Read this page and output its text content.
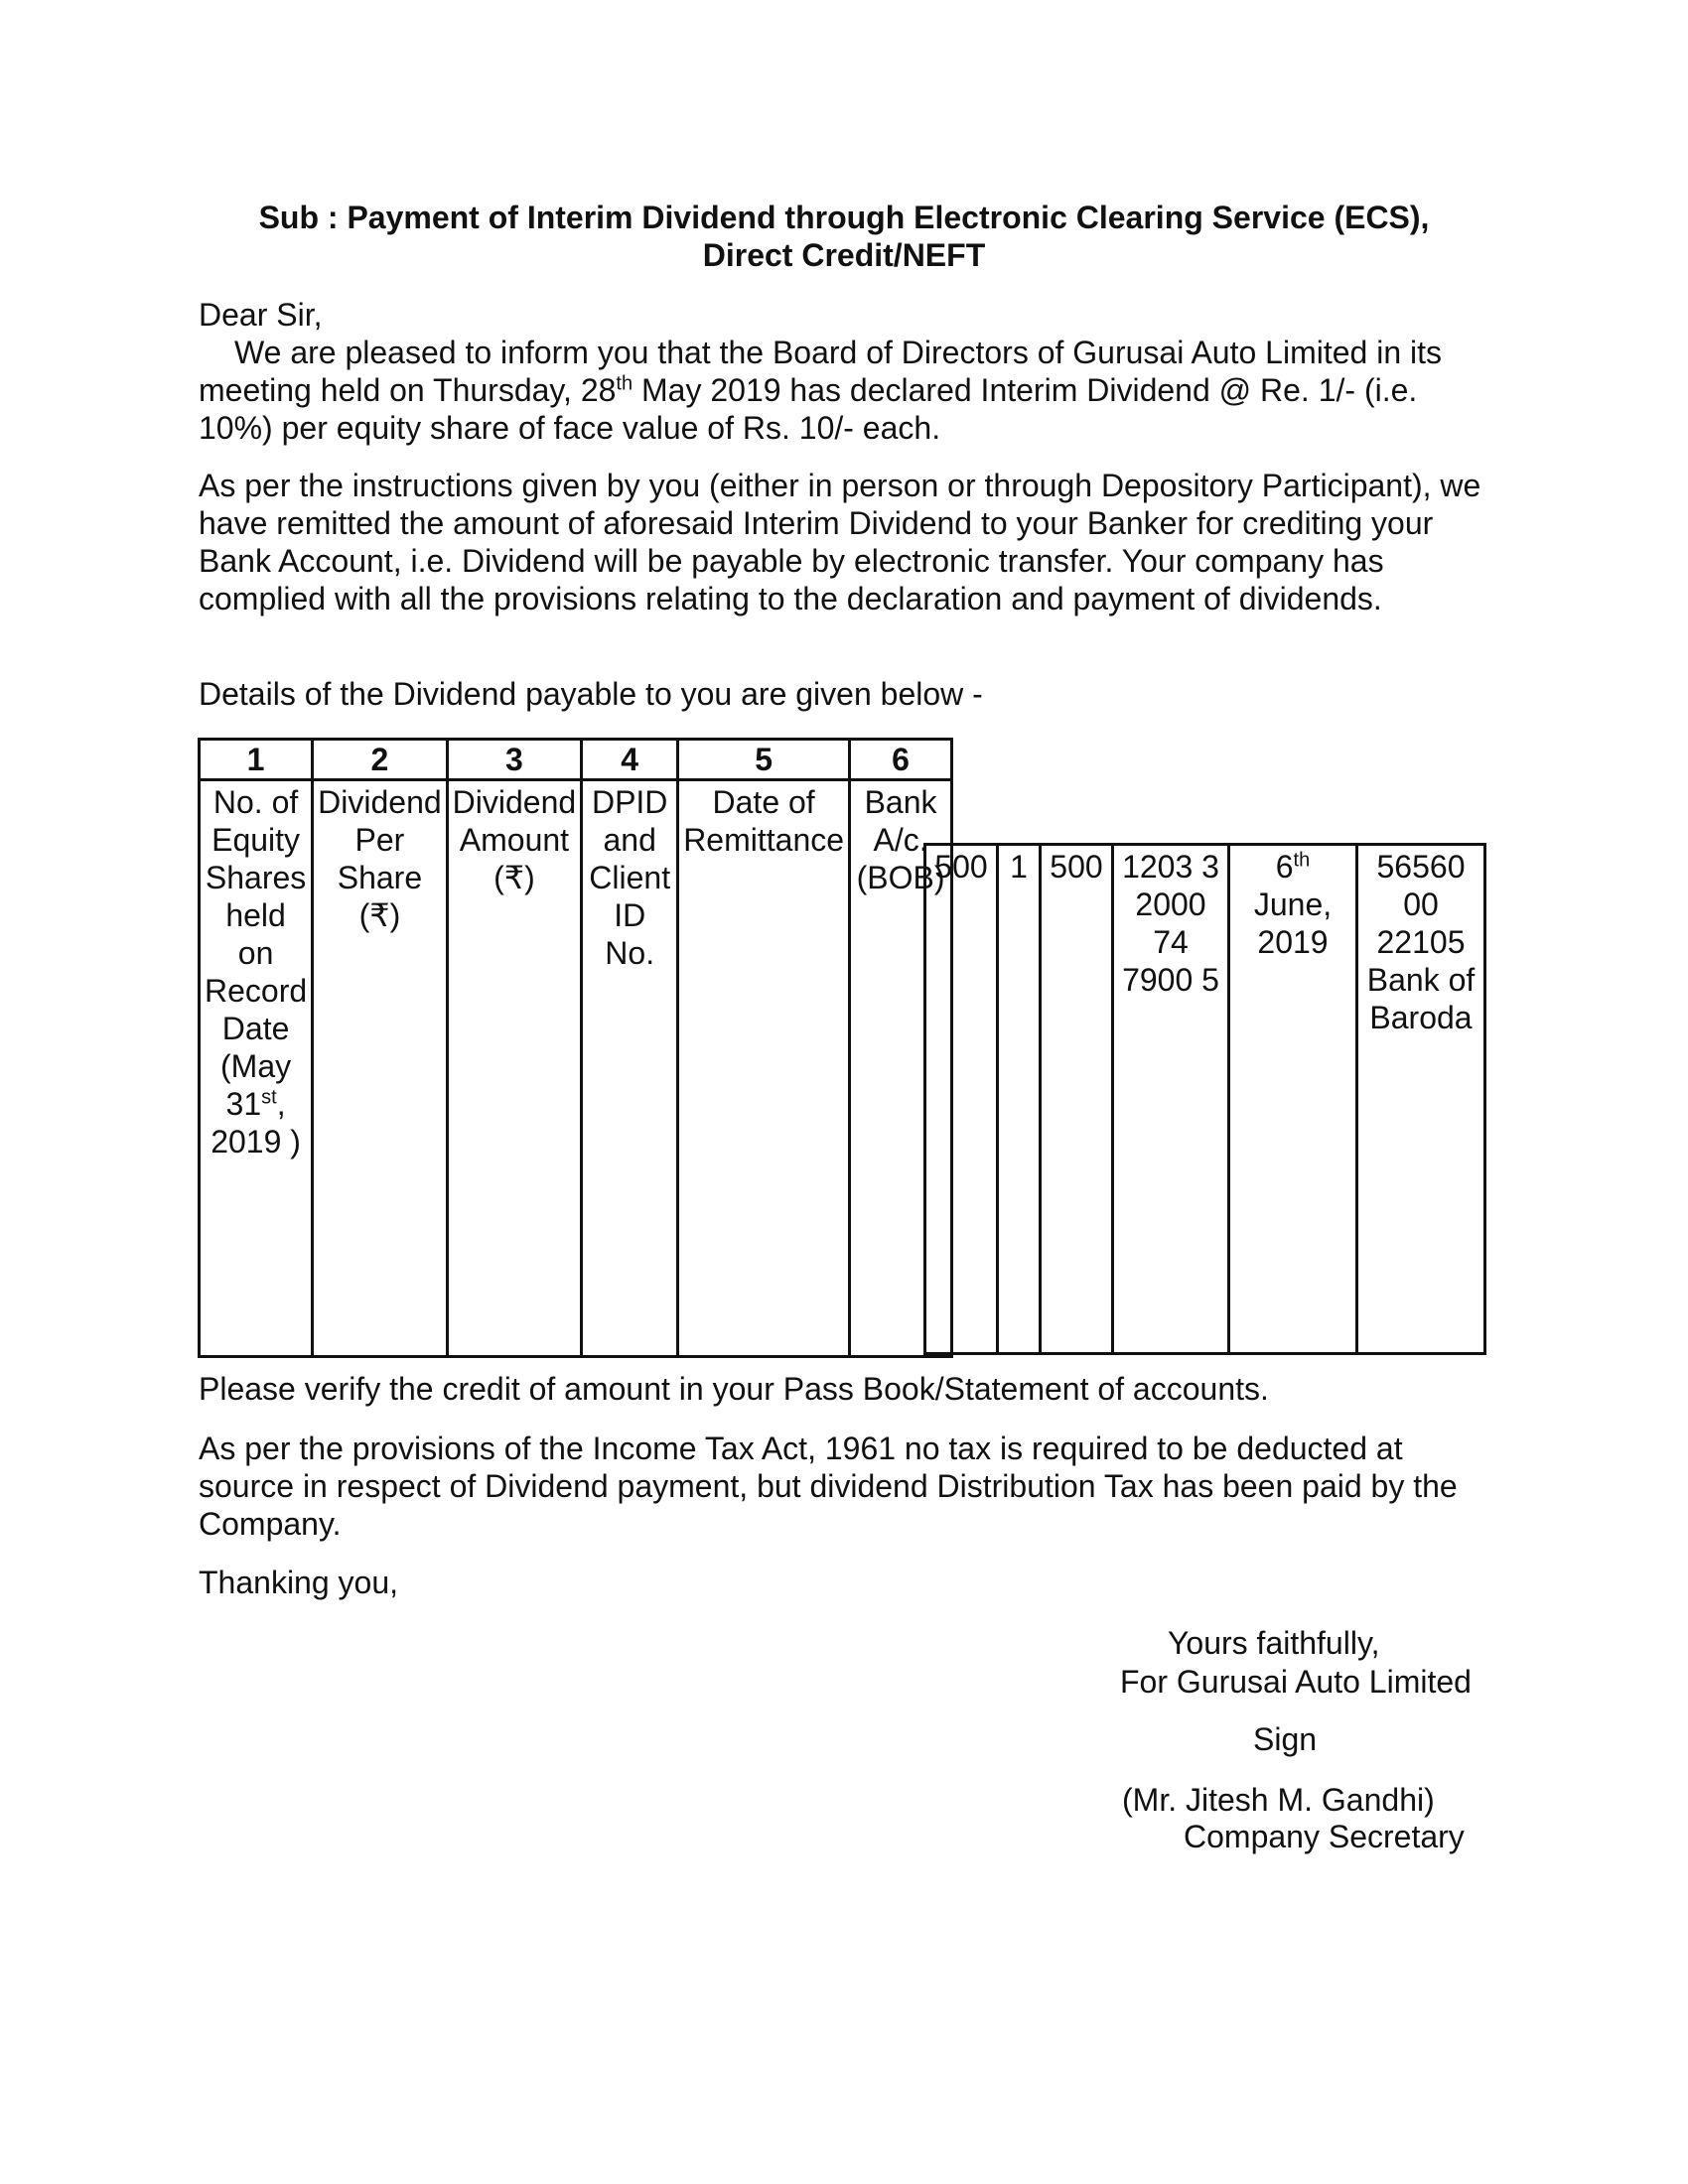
Sub : Payment of Interim Dividend through Electronic Clearing Service (ECS),
Direct Credit/NEFT

Dear Sir,

We are pleased to inform you that the Board of Directors of Gurusai Auto Limited in its meeting held on Thursday, 28th May 2019 has declared Interim Dividend @ Re. 1/- (i.e. 10%) per equity share of face value of Rs. 10/- each.

As per the instructions given by you (either in person or through Depository Participant), we have remitted the amount of aforesaid Interim Dividend to your Banker for crediting your Bank Account, i.e. Dividend will be payable by electronic transfer. Your company has complied with all the provisions relating to the declaration and payment of dividends.

Details of the Dividend payable to you are given below -

1	2	3	4	5	6
No. of Equity Shares held on Record Date (May 31st, 2019 )	Dividend Per Share (₹)	Dividend Amount (₹)	DPID and Client ID No.	Date of Remittance	Bank A/c. (BOB)
500	1	500	1203 3 2000 74 7900 5	6th June, 2019	56560 00 22105 Bank of Baroda

Please verify the credit of amount in your Pass Book/Statement of accounts.

As per the provisions of the Income Tax Act, 1961 no tax is required to be deducted at source in respect of Dividend payment, but dividend Distribution Tax has been paid by the Company.

Thanking you,

Yours faithfully,
For Gurusai Auto Limited
Sign
(Mr. Jitesh M. Gandhi)
Company Secretary
